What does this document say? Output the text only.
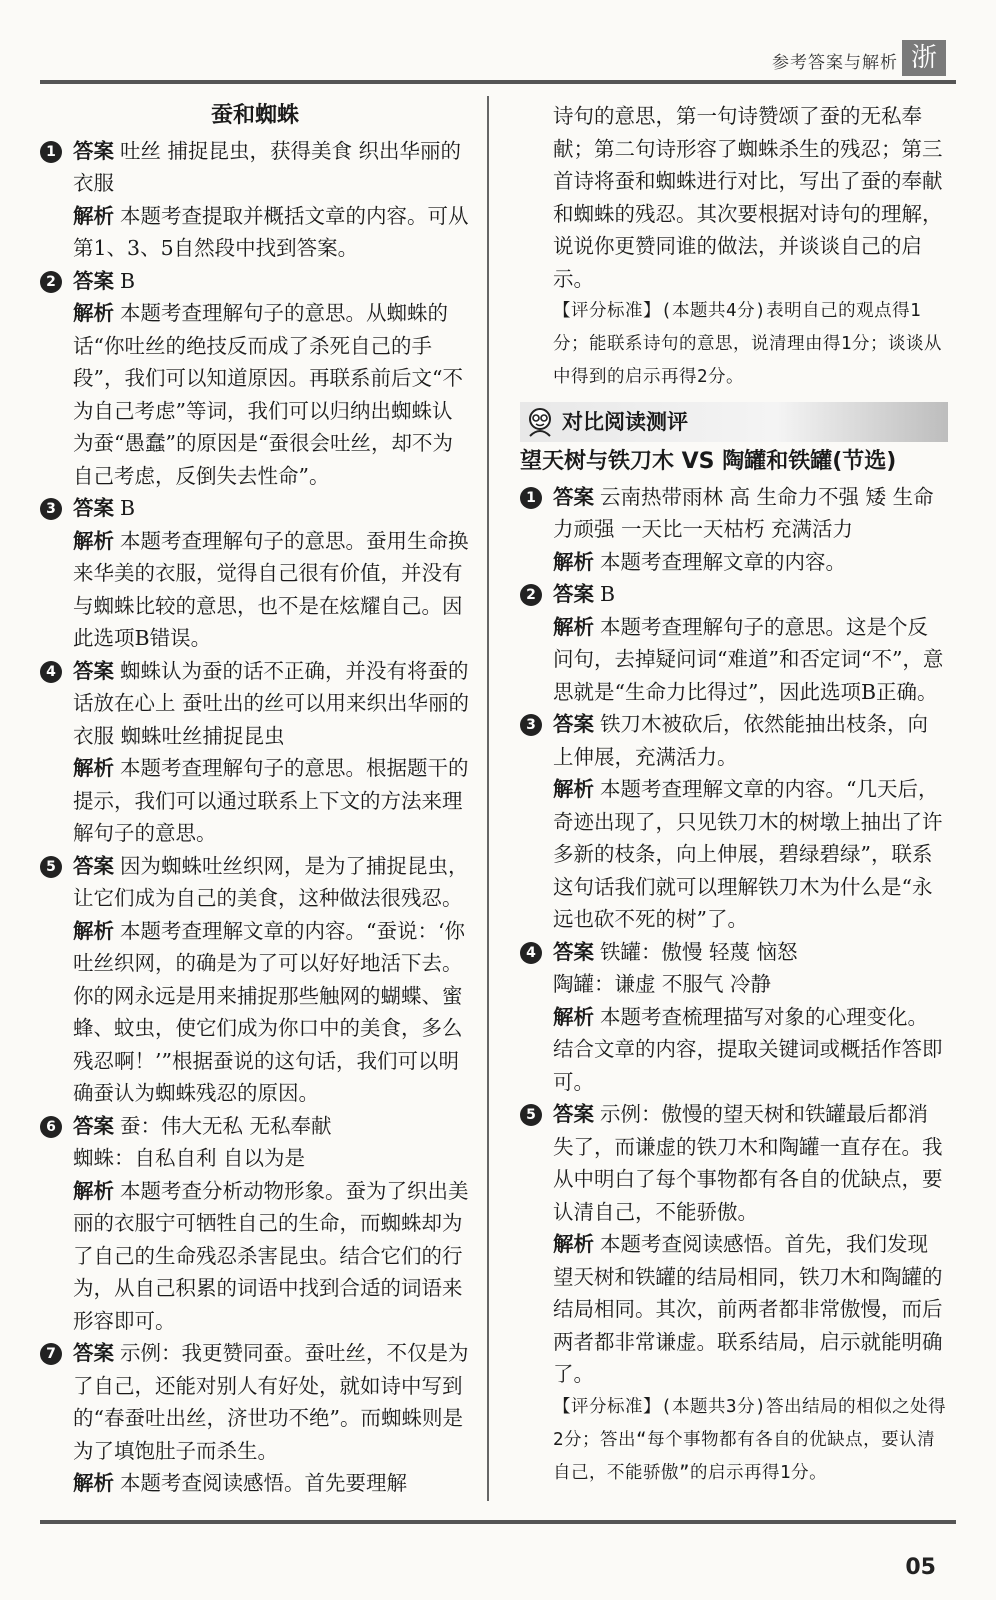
参考答案与解析 浙
蚕和蜘蛛
1 答案 吐丝 捕捉昆虫，获得美食 织出华丽的衣服
解析 本题考查提取并概括文章的内容。可从第1、3、5自然段中找到答案。
2 答案 B
解析 本题考查理解句子的意思。从蜘蛛的话“你吐丝的绝技反而成了杀死自己的手段”，我们可以知道原因。再联系前后文“不为自己考虑”等词，我们可以归纳出蜘蛛认为蚕“愚蠢”的原因是“蚕很会吐丝，却不为自己考虑，反倒失去性命”。
3 答案 B
解析 本题考查理解句子的意思。蚕用生命换来华美的衣服，觉得自己很有价值，并没有与蜘蛛比较的意思，也不是在炫耀自己。因此选项B错误。
4 答案 蜘蛛认为蚕的话不正确，并没有将蚕的话放在心上 蚕吐出的丝可以用来织出华丽的衣服 蜘蛛吐丝捕捉昆虫
解析 本题考查理解句子的意思。根据题干的提示，我们可以通过联系上下文的方法来理解句子的意思。
5 答案 因为蜘蛛吐丝织网，是为了捕捉昆虫，让它们成为自己的美食，这种做法很残忍。
解析 本题考查理解文章的内容。“蚕说：‘你吐丝织网，的确是为了可以好好地活下去。你的网永远是用来捕捉那些触网的蝴蝶、蜜蜂、蚊虫，使它们成为你口中的美食，多么残忍啊！’”根据蚕说的这句话，我们可以明确蚕认为蜘蛛残忍的原因。
6 答案 蚕：伟大无私 无私奉献
蜘蛛：自私自利 自以为是
解析 本题考查分析动物形象。蚕为了织出美丽的衣服宁可牺牲自己的生命，而蜘蛛却为了自己的生命残忍杀害昆虫。结合它们的行为，从自己积累的词语中找到合适的词语来形容即可。
7 答案 示例：我更赞同蚕。蚕吐丝，不仅是为了自己，还能对别人有好处，就如诗中写到的“春蚕吐出丝，济世功不绝”。而蜘蛛则是为了填饱肚子而杀生。
解析 本题考查阅读感悟。首先要理解
诗句的意思，第一句诗赞颂了蚕的无私奉献；第二句诗形容了蜘蛛杀生的残忍；第三首诗将蚕和蜘蛛进行对比，写出了蚕的奉献和蜘蛛的残忍。其次要根据对诗句的理解，说说你更赞同谁的做法，并谈谈自己的启示。
【评分标准】(本题共4分)表明自己的观点得1分；能联系诗句的意思，说清理由得1分；谈谈从中得到的启示再得2分。
对比阅读测评
望天树与铁刀木 VS 陶罐和铁罐(节选)
1 答案 云南热带雨林 高 生命力不强 矮 生命力顽强 一天比一天枯朽 充满活力
解析 本题考查理解文章的内容。
2 答案 B
解析 本题考查理解句子的意思。这是个反问句，去掉疑问词“难道”和否定词“不”，意思就是“生命力比得过”，因此选项B正确。
3 答案 铁刀木被砍后，依然能抽出枝条，向上伸展，充满活力。
解析 本题考查理解文章的内容。“几天后，奇迹出现了，只见铁刀木的树墩上抽出了许多新的枝条，向上伸展，碧绿碧绿”，联系这句话我们就可以理解铁刀木为什么是“永远也砍不死的树”了。
4 答案 铁罐：傲慢 轻蔑 恼怒
陶罐：谦虚 不服气 冷静
解析 本题考查梳理描写对象的心理变化。结合文章的内容，提取关键词或概括作答即可。
5 答案 示例：傲慢的望天树和铁罐最后都消失了，而谦虚的铁刀木和陶罐一直存在。我从中明白了每个事物都有各自的优缺点，要认清自己，不能骄傲。
解析 本题考查阅读感悟。首先，我们发现望天树和铁罐的结局相同，铁刀木和陶罐的结局相同。其次，前两者都非常傲慢，而后两者都非常谦虚。联系结局，启示就能明确了。
【评分标准】(本题共3分)答出结局的相似之处得2分；答出“每个事物都有各自的优缺点，要认清自己，不能骄傲”的启示再得1分。
05
